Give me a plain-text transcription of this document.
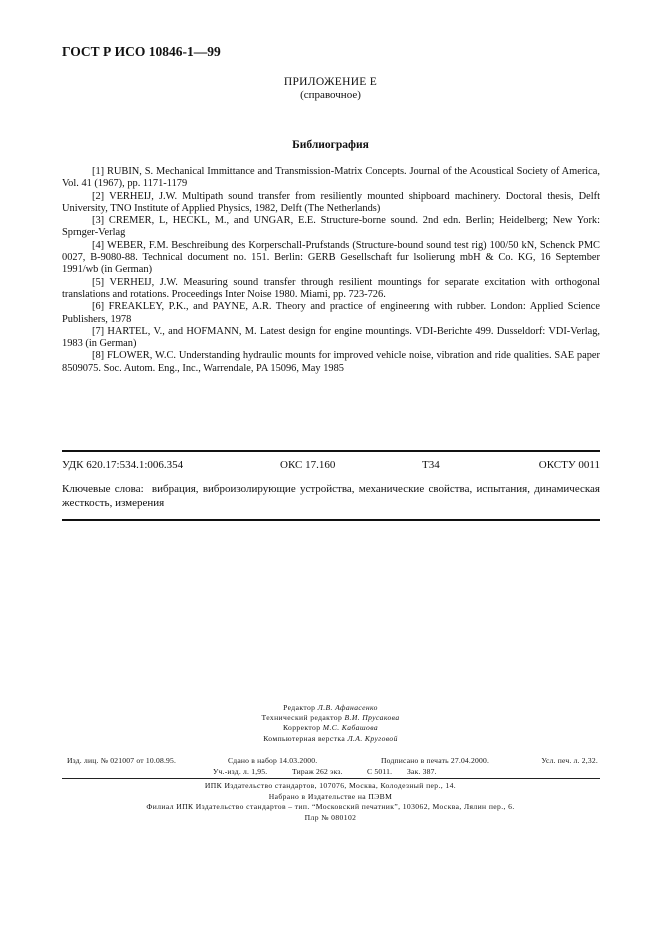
ГОСТ Р ИСО 10846-1—99
ПРИЛОЖЕНИЕ Е
(справочное)
Библиография

[1] RUBIN, S. Mechanical Immittance and Transmission-Matrix Concepts. Journal of the Acoustical Society of America, Vol. 41 (1967), pp. 1171-1179

[2] VERHEIJ, J.W. Multipath sound transfer from resiliently mounted shipboard machinery. Doctoral thesis, Delft University, TNO Institute of Applied Physics, 1982, Delft (The Netherlands)

[3] CREMER, L, HECKL, M., and UNGAR, E.E. Structure-borne sound. 2nd edn. Berlin; Heidelberg; New York: Sprnger-Verlag

[4] WEBER, F.M. Beschreibung des Korperschall-Prufstands (Structure-bound sound test rig) 100/50 kN, Schenck PMC 0027, B-9080-88. Technical document no. 151. Berlin: GERB Gesellschaft fur lsolierung mbH & Co. KG, 16 September 1991/wb (in German)

[5] VERHEIJ, J.W. Measuring sound transfer through resilient mountings for separate excitation with orthogonal translations and rotations. Proceedings Inter Noise 1980. Miami, pp. 723-726.

[6] FREAKLEY, P.K., and PAYNE, A.R. Theory and practice of engineerıng with rubber. London: Applied Science Publishers, 1978

[7] HARTEL, V., and HOFMANN, M. Latest design for engine mountings. VDI-Berichte 499. Dusseldorf: VDI-Verlag, 1983 (in German)

[8] FLOWER, W.C. Understanding hydraulic mounts for improved vehicle noise, vibration and ride qualities. SAE paper 8509075. Soc. Autom. Eng., Inc., Warrendale, PA 15096, May 1985

УДК 620.17:534.1:006.354	ОКС 17.160	Т34	ОКСТУ 0011
Ключевые слова: вибрация, виброизолирующие устройства, механические свойства, испытания, динамическая жесткость, измерения
Редактор Л.В. Афанасенко
Технический редактор В.И. Прусакова
Корректор М.С. Кабашова
Компьютерная верстка Л.А. Круговой
Изд. лиц. № 021007 от 10.08.95.	Сдано в набор 14.03.2000.	Подписано в печать 27.04.2000.	Усл. печ. л. 2,32.
Уч.-изд. л. 1,95.	Тираж 262 экз.	С 5011. Зак. 387.
ИПК Издательство стандартов, 107076, Москва, Колодезный пер., 14.
Набрано в Издательстве на ПЭВМ
Филиал ИПК Издательство стандартов – тип. “Московский печатник”, 103062, Москва, Лялин пер., 6.
Плр № 080102
